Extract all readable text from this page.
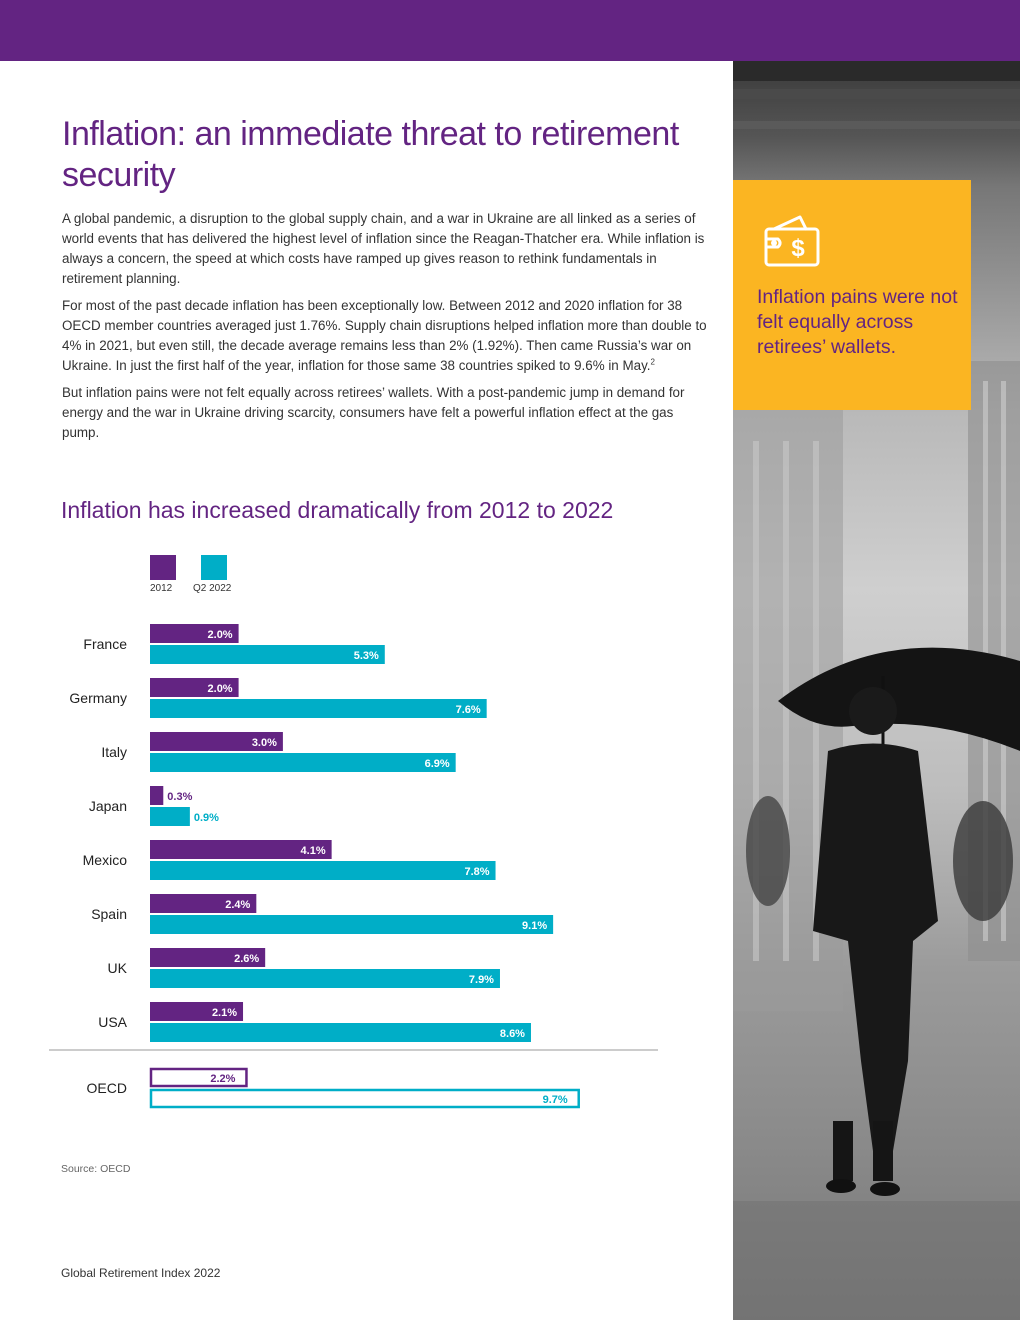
$

Inflation pains were not felt equally across retirees’ wallets.

Inflation: an immediate threat to retirement security

A global pandemic, a disruption to the global supply chain, and a war in Ukraine are all linked as a series of world events that has delivered the highest level of inflation since the Reagan-Thatcher era. While inflation is always a concern, the speed at which costs have ramped up gives reason to rethink fundamentals in retirement planning.

For most of the past decade inflation has been exceptionally low. Between 2012 and 2020 inflation for 38 OECD member countries averaged just 1.76%. Supply chain disruptions helped inflation more than double to 4% in 2021, but even still, the decade average remains less than 2% (1.92%). Then came Russia’s war on Ukraine. In just the first half of the year, inflation for those same 38 countries spiked to 9.6% in May.$^2$

But inflation pains were not felt equally across retirees’ wallets. With a post-pandemic jump in demand for energy and the war in Ukraine driving scarcity, consumers have felt a powerful inflation effect at the gas pump.

Inflation has increased dramatically from 2012 to 2022
2012 Q2 2022
France
2.0%
5.3%
Germany
2.0%
7.6%
Italy
3.0%
6.9%
Japan
0.3%
0.9%
Mexico
4.1%
7.8%
Spain
2.4%
9.1%
UK
2.6%
7.9%
USA
2.1%
8.6%
OECD
2.2%
9.7%
Source: OECD
Global Retirement Index 2022
